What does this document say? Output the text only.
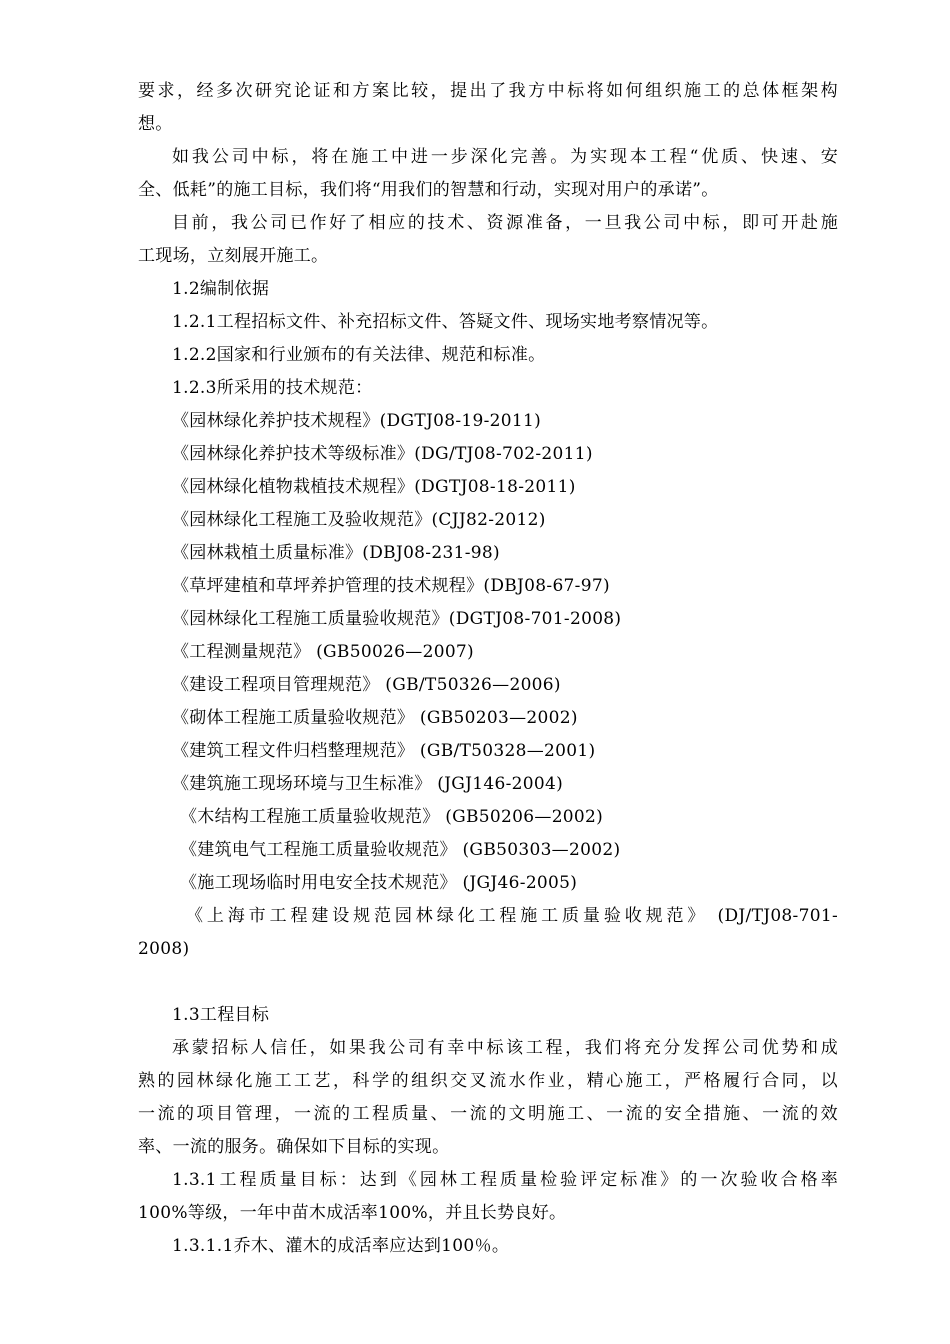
要求，经多次研究论证和方案比较，提出了我方中标将如何组织施工的总体框架构
想。
如我公司中标，将在施工中进一步深化完善。为实现本工程“优质、快速、安
全、低耗”的施工目标，我们将“用我们的智慧和行动，实现对用户的承诺”。
目前，我公司已作好了相应的技术、资源准备，一旦我公司中标，即可开赴施
工现场，立刻展开施工。
1.2编制依据
1.2.1工程招标文件、补充招标文件、答疑文件、现场实地考察情况等。
1.2.2国家和行业颁布的有关法律、规范和标准。
1.2.3所采用的技术规范：
《园林绿化养护技术规程》(DGTJ08-19-2011)
《园林绿化养护技术等级标准》(DG/TJ08-702-2011)
《园林绿化植物栽植技术规程》(DGTJ08-18-2011)
《园林绿化工程施工及验收规范》(CJJ82-2012)
《园林栽植土质量标准》(DBJ08-231-98)
《草坪建植和草坪养护管理的技术规程》(DBJ08-67-97)
《园林绿化工程施工质量验收规范》(DGTJ08-701-2008)
《工程测量规范》 (GB50026—2007)
《建设工程项目管理规范》 (GB/T50326—2006)
《砌体工程施工质量验收规范》 (GB50203—2002)
《建筑工程文件归档整理规范》 (GB/T50328—2001)
《建筑施工现场环境与卫生标准》 (JGJ146-2004)
《木结构工程施工质量验收规范》 (GB50206—2002)
《建筑电气工程施工质量验收规范》 (GB50303—2002)
《施工现场临时用电安全技术规范》 (JGJ46-2005)
《上海市工程建设规范园林绿化工程施工质量验收规范》 (DJ/TJ08-701-
2008)
1.3工程目标
承蒙招标人信任，如果我公司有幸中标该工程，我们将充分发挥公司优势和成
熟的园林绿化施工工艺，科学的组织交叉流水作业，精心施工，严格履行合同，以
一流的项目管理，一流的工程质量、一流的文明施工、一流的安全措施、一流的效
率、一流的服务。确保如下目标的实现。
1.3.1工程质量目标：达到《园林工程质量检验评定标准》的一次验收合格率
100%等级，一年中苗木成活率100%，并且长势良好。
1.3.1.1乔木、灌木的成活率应达到100％。
